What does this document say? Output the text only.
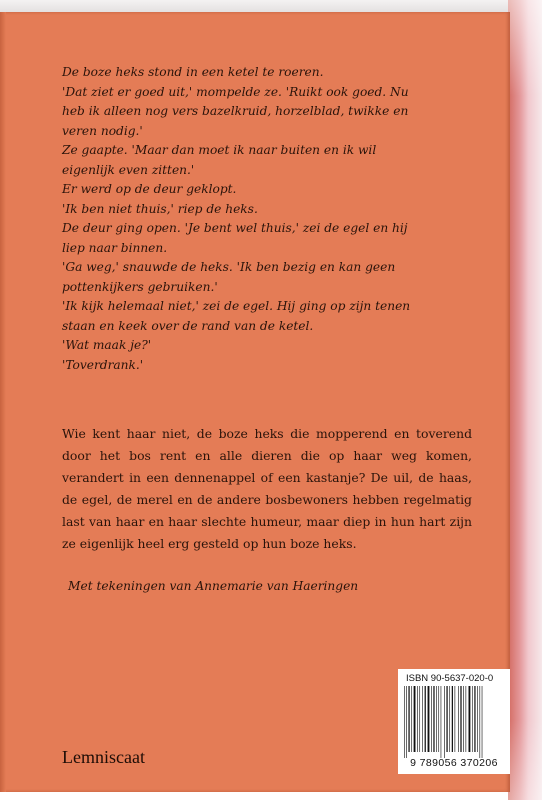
De boze heks stond in een ketel te roeren.
'Dat ziet er goed uit,' mompelde ze. 'Ruikt ook goed. Nu
heb ik alleen nog vers bazelkruid, horzelblad, twikke en
veren nodig.'
Ze gaapte. 'Maar dan moet ik naar buiten en ik wil
eigenlijk even zitten.'
Er werd op de deur geklopt.
'Ik ben niet thuis,' riep de heks.
De deur ging open. 'Je bent wel thuis,' zei de egel en hij
liep naar binnen.
'Ga weg,' snauwde de heks. 'Ik ben bezig en kan geen
pottenkijkers gebruiken.'
'Ik kijk helemaal niet,' zei de egel. Hij ging op zijn tenen
staan en keek over de rand van de ketel.
'Wat maak je?'
'Toverdrank.'

Wie kent haar niet, de boze heks die mopperend en toverend door het bos rent en alle dieren die op haar weg komen, verandert in een dennenappel of een kastanje? De uil, de haas, de egel, de merel en de andere bosbewoners hebben regelmatig last van haar en haar slechte humeur, maar diep in hun hart zijn ze eigenlijk heel erg gesteld op hun boze heks.

Met tekeningen van Annemarie van Haeringen
Lemniscaat
ISBN 90-5637-020-0
9 789056 370206
